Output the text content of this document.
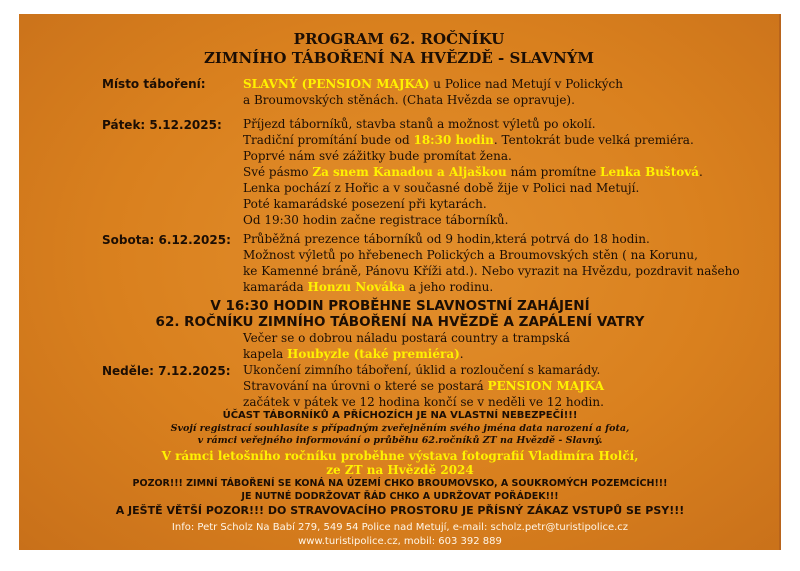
PROGRAM 62. ROČNÍKU
ZIMNÍHO TÁBOŘENÍ NA HVĚZDĚ - SLAVNÝM
Místo táboření:	SLAVNÝ (PENSION MAJKA) u Police nad Metují v Polických
a Broumovských stěnách. (Chata Hvězda se opravuje).
Pátek: 5.12.2025: Příjezd táborníků, stavba stanů a možnost výletů po okolí.
Tradiční promítání bude od 18:30 hodin. Tentokrát bude velká premiéra.
Poprvé nám své zážitky bude promítat žena.
Své pásmo Za snem Kanadou a Aljaškou nám promítne Lenka Buštová.
Lenka pochází z Hořic a v současné době žije v Polici nad Metují.
Poté kamarádské posezení při kytarách.
Od 19:30 hodin začne registrace táborníků.
Sobota: 6.12.2025: Průběžná prezence táborníků od 9 hodin,která potrvá do 18 hodin.
Možnost výletů po hřebenech Polických a Broumovských stěn ( na Korunu,
ke Kamenné bráně, Pánovu Kříži atd.). Nebo vyrazit na Hvězdu, pozdravit našeho
kamaráda Honzu Nováka a jeho rodinu.
V 16:30 HODIN PROBĚHNE SLAVNOSTNÍ ZAHÁJENÍ
62. ROČNÍKU ZIMNÍHO TÁBOŘENÍ NA HVĚZDĚ A ZAPÁLENÍ VATRY
Večer se o dobrou náladu postará country a trampská
kapela Houbyzle (také premiéra).
Neděle: 7.12.2025: Ukončení zimního táboření, úklid a rozloučení s kamarády.
Stravování na úrovni o které se postará PENSION MAJKA
začátek v pátek ve 12 hodina končí se v neděli ve 12 hodin.
ÚČAST TÁBORNÍKŮ A PŘÍCHOZÍCH JE NA VLASTNÍ NEBEZPEČÍ!!!
Svojí registrací souhlasíte s případným zveřejněním svého jména data narození a fota,
v rámci veřejného informování o průběhu 62.ročníků ZT na Hvězdě - Slavný.
V rámci letošního ročníku proběhne výstava fotografií Vladimíra Holčí,
ze ZT na Hvězdě 2024
POZOR!!! ZIMNÍ TÁBOŘENÍ SE KONÁ NA ÚZEMÍ CHKO BROUMOVSKO, A SOUKROMÝCH POZEMCÍCH!!!
JE NUTNÉ DODRŽOVAT ŘÁD CHKO A UDRŽOVAT POŘÁDEK!!!
A JEŠTĚ VĚTŠÍ POZOR!!! DO STRAVOVACÍHO PROSTORU JE PŘÍSNÝ ZÁKAZ VSTUPŮ SE PSY!!!
Info: Petr Scholz Na Babí 279, 549 54 Police nad Metují, e-mail: scholz.petr@turistipolice.cz
www.turistipolice.cz, mobil: 603 392 889
